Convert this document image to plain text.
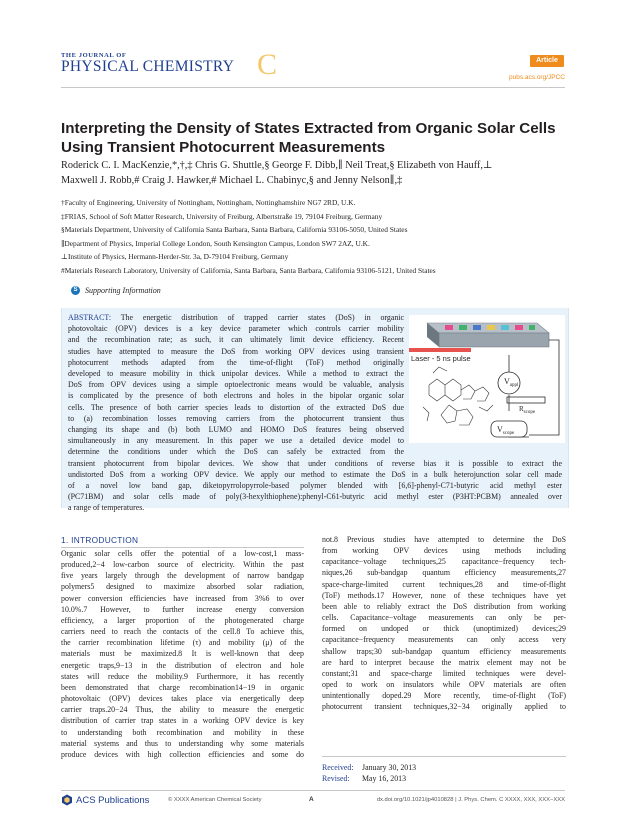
THE JOURNAL OF
PHYSICAL CHEMISTRY C	Article
pubs.acs.org/JPCC
Interpreting the Density of States Extracted from Organic Solar Cells Using Transient Photocurrent Measurements
Roderick C. I. MacKenzie,*,†,‡ Chris G. Shuttle,§ George F. Dibb,∥ Neil Treat,§ Elizabeth von Hauff,⊥
Maxwell J. Robb,# Craig J. Hawker,# Michael L. Chabinyc,§ and Jenny Nelson∥,‡
†Faculty of Engineering, University of Nottingham, Nottingham, Nottinghamshire NG7 2RD, U.K.
‡FRIAS, School of Soft Matter Research, University of Freiburg, Albertstraße 19, 79104 Freiburg, Germany
§Materials Department, University of California Santa Barbara, Santa Barbara, California 93106-5050, United States
∥Department of Physics, Imperial College London, South Kensington Campus, London SW7 2AZ, U.K.
⊥Institute of Physics, Hermann-Herder-Str. 3a, D-79104 Freiburg, Germany
#Materials Research Laboratory, University of California, Santa Barbara, Santa Barbara, California 93106-5121, United States
S Supporting Information
ABSTRACT: The energetic distribution of trapped carrier states (DoS) in organic
photovoltaic (OPV) devices is a key device parameter which controls carrier mobility
and the recombination rate; as such, it can ultimately limit device efficiency. Recent
studies have attempted to measure the DoS from working OPV devices using transient
photocurrent methods adapted from the time-of-flight (ToF) method originally
developed to measure mobility in thick unipolar devices. While a method to extract the
DoS from OPV devices using a simple optoelectronic means would be valuable, analysis
is complicated by the presence of both electrons and holes in the bipolar organic solar
cells. The presence of both carrier species leads to distortion of the extracted DoS due
to (a) recombination losses removing carriers from the photocurrent transient thus
changing its shape and (b) both LUMO and HOMO DoS features being observed
simultaneously in any measurement. In this paper we use a detailed device model to
determine the conditions under which the DoS can safely be extracted from the
transient photocurrent from bipolar devices. We show that under conditions of reverse bias it is possible to extract the
undistorted DoS from a working OPV device. We apply our method to estimate the DoS in a bulk heterojunction solar cell made
of a novel low band gap, diketopyrrolopyrrole-based polymer blended with [6,6]-phenyl-C71-butyric acid methyl ester
(PC71BM) and solar cells made of poly(3-hexylthiophene):phenyl-C61-butyric acid methyl ester (P3HT:PCBM) annealed over
a range of temperatures.
Laser - 5 ns pulse
$V_{appl}$
$R_{scope}$
$V_{scope}$
1. INTRODUCTION
Organic solar cells offer the potential of a low-cost,1 mass-
produced,2−4 low-carbon source of electricity. Within the past
five years largely through the development of narrow bandgap
polymers5 designed to maximize absorbed solar radiation,
power conversion efficiencies have increased from 3%6 to over
10.0%.7 However, to further increase energy conversion
efficiency, a larger proportion of the photogenerated charge
carriers need to reach the contacts of the cell.8 To achieve this,
the carrier recombination lifetime (τ) and mobility (μ) of the
materials must be maximized.8 It is well-known that deep
energetic traps,9−13 in the distribution of electron and hole
states will reduce the mobility.9 Furthermore, it has recently
been demonstrated that charge recombination14−19 in organic
photovoltaic (OPV) devices takes place via energetically deep
carrier traps.20−24 Thus, the ability to measure the energetic
distribution of carrier trap states in a working OPV device is key
to understanding both recombination and mobility in these
material systems and thus to understanding why some materials
produce devices with high collection efficiencies and some do
not.8 Previous studies have attempted to determine the DoS
from working OPV devices using methods including
capacitance−voltage techniques,25 capacitance−frequency tech-
niques,26 sub-bandgap quantum efficiency measurements,27
space-charge-limited current techniques,28 and time-of-flight
(ToF) methods.17 However, none of these techniques have yet
been able to reliably extract the DoS distribution from working
cells. Capacitance−voltage measurements can only be per-
formed on undoped or thick (unoptimized) devices;29
capacitance−frequency measurements can only access very
shallow traps;30 sub-bandgap quantum efficiency measurements
are hard to interpret because the matrix element may not be
constant;31 and space-charge limited techniques were devel-
oped to work on insulators while OPV materials are often
unintentionally doped.29 More recently, time-of-flight (ToF)
photocurrent transient techniques,32−34 originally applied to
Received: January 30, 2013
Revised:	May 16, 2013
ACS Publications	© XXXX American Chemical Society	A	dx.doi.org/10.1021/jp4010828 | J. Phys. Chem. C XXXX, XXX, XXX−XXX
